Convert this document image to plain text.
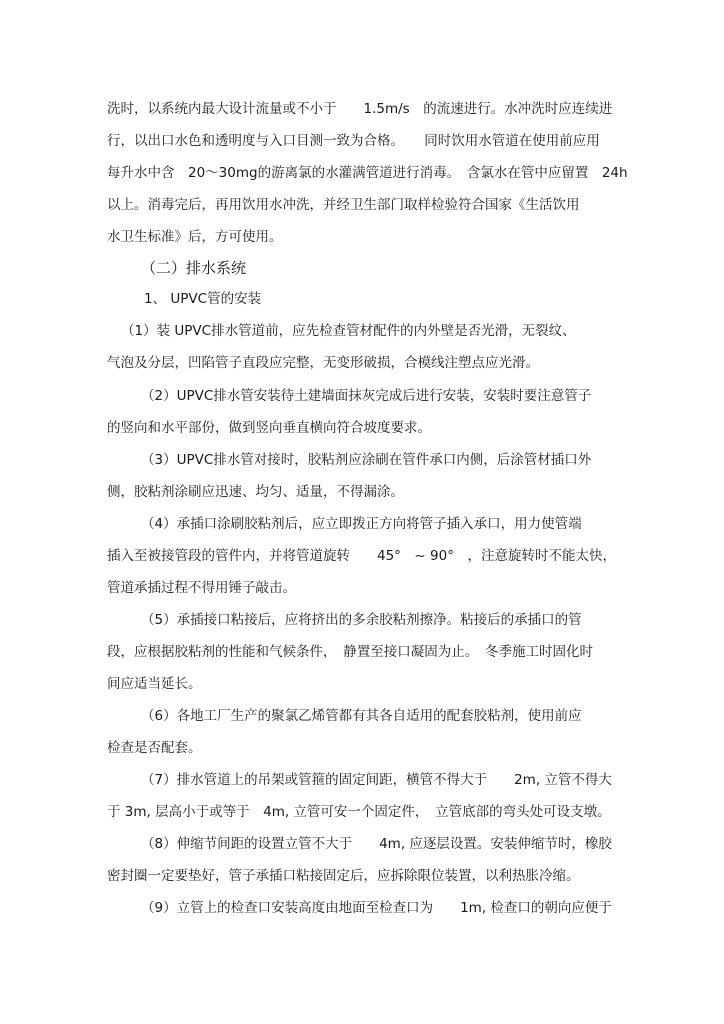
洗时，以系统内最大设计流量或不小于　　1.5m/s　的流速进行。水冲洗时应连续进
行，以出口水色和透明度与入口目测一致为合格。　　同时饮用水管道在使用前应用
每升水中含　20～30mg的游离氯的水灌满管道进行消毒。　含氯水在管中应留置　24h
以上。消毒完后，再用饮用水冲洗，并经卫生部门取样检验符合国家《生活饮用
水卫生标准》后，方可使用。
（二）排水系统
1、 UPVC管的安装
（1）装 UPVC排水管道前，应先检查管材配件的内外壁是否光滑，无裂纹、
气泡及分层，凹陷管子直段应完整，无变形破损，合模线注塑点应光滑。
（2）UPVC排水管安装待土建墙面抹灰完成后进行安装，安装时要注意管子
的竖向和水平部份，做到竖向垂直横向符合坡度要求。
（3）UPVC排水管对接时，胶粘剂应涂刷在管件承口内侧，后涂管材插口外
侧，胶粘剂涂刷应迅速、均匀、适量，不得漏涂。
（4）承插口涂刷胶粘剂后，应立即拨正方向将管子插入承口，用力使管端
插入至被接管段的管件内，并将管道旋转　　45°　~ 90°　，注意旋转时不能太快，
管道承插过程不得用锤子敲击。
（5）承插接口粘接后，应将挤出的多余胶粘剂擦净。粘接后的承插口的管
段，应根据胶粘剂的性能和气候条件，　静置至接口凝固为止。　冬季施工时固化时
间应适当延长。
（6）各地工厂生产的聚氯乙烯管都有其各自适用的配套胶粘剂，使用前应
检查是否配套。
（7）排水管道上的吊架或管箍的固定间距，横管不得大于　　2m, 立管不得大
于 3m, 层高小于或等于　4m, 立管可安一个固定件，　立管底部的弯头处可设支墩。
（8）伸缩节间距的设置立管不大于　　4m, 应逐层设置。安装伸缩节时，橡胶
密封圈一定要垫好，管子承插口粘接固定后，应拆除限位装置，以利热胀冷缩。
（9）立管上的检查口安装高度由地面至检查口为　　1m, 检查口的朝向应便于
